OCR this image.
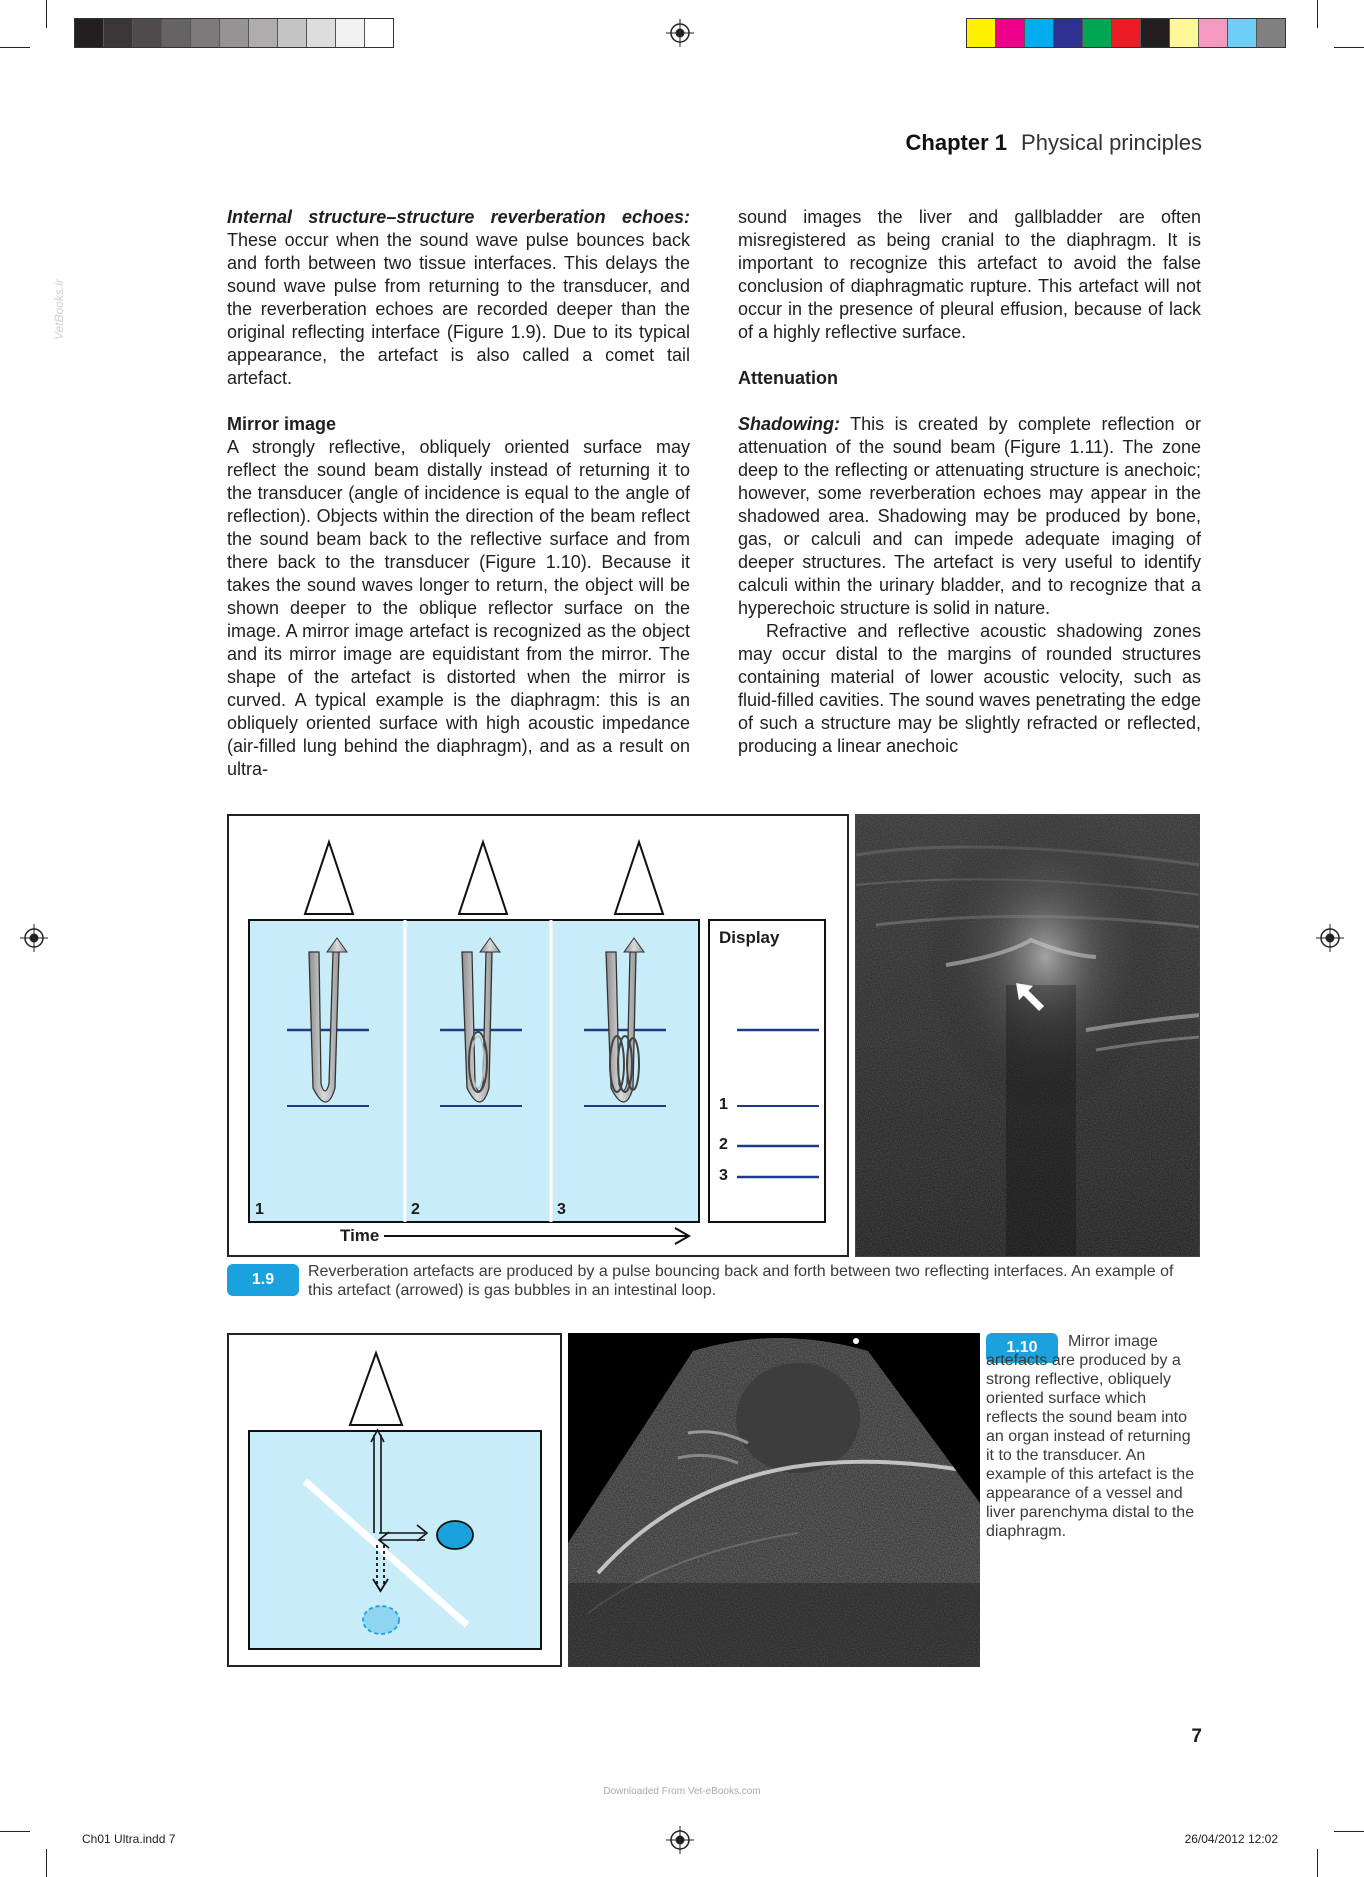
VetBooks.ir
Chapter 1 Physical principles

Internal structure–structure reverberation echoes: These occur when the sound wave pulse bounces back and forth between two tissue interfaces. This delays the sound wave pulse from returning to the transducer, and the reverberation echoes are recorded deeper than the original reflecting interface (Figure 1.9). Due to its typical appearance, the artefact is also called a comet tail artefact.

Mirror image

A strongly reflective, obliquely oriented surface may reflect the sound beam distally instead of returning it to the transducer (angle of incidence is equal to the angle of reflection). Objects within the direction of the beam reflect the sound beam back to the reflective surface and from there back to the transducer (Figure 1.10). Because it takes the sound waves longer to return, the object will be shown deeper to the oblique reflector surface on the image. A mirror image artefact is recognized as the object and its mirror image are equidistant from the mirror. The shape of the artefact is distorted when the mirror is curved. A typical example is the diaphragm: this is an obliquely oriented surface with high acoustic impedance (air-filled lung behind the diaphragm), and as a result on ultra-

sound images the liver and gallbladder are often misregistered as being cranial to the diaphragm. It is important to recognize this artefact to avoid the false conclusion of diaphragmatic rupture. This artefact will not occur in the presence of pleural effusion, because of lack of a highly reflective surface.

Attenuation

Shadowing: This is created by complete reflection or attenuation of the sound beam (Figure 1.11). The zone deep to the reflecting or attenuating structure is anechoic; however, some reverberation echoes may appear in the shadowed area. Shadowing may be produced by bone, gas, or calculi and can impede adequate imaging of deeper structures. The artefact is very useful to identify calculi within the urinary bladder, and to recognize that a hyperechoic structure is solid in nature.

Refractive and reflective acoustic shadowing zones may occur distal to the margins of rounded structures containing material of lower acoustic velocity, such as fluid-filled cavities. The sound waves penetrating the edge of such a structure may be slightly refracted or reflected, producing a linear anechoic

1	2	3
Display
1
2
3
Time
1.9	Reverberation artefacts are produced by a pulse bouncing back and forth between two reflecting interfaces. An example of this artefact (arrowed) is gas bubbles in an intestinal loop.
1.10	Mirror image artefacts are produced by a strong reflective, obliquely oriented surface which reflects the sound beam into an organ instead of returning it to the transducer. An example of this artefact is the appearance of a vessel and liver parenchyma distal to the diaphragm.
7
Downloaded From Vet-eBooks.com
Ch01 Ultra.indd 7	26/04/2012 12:02
